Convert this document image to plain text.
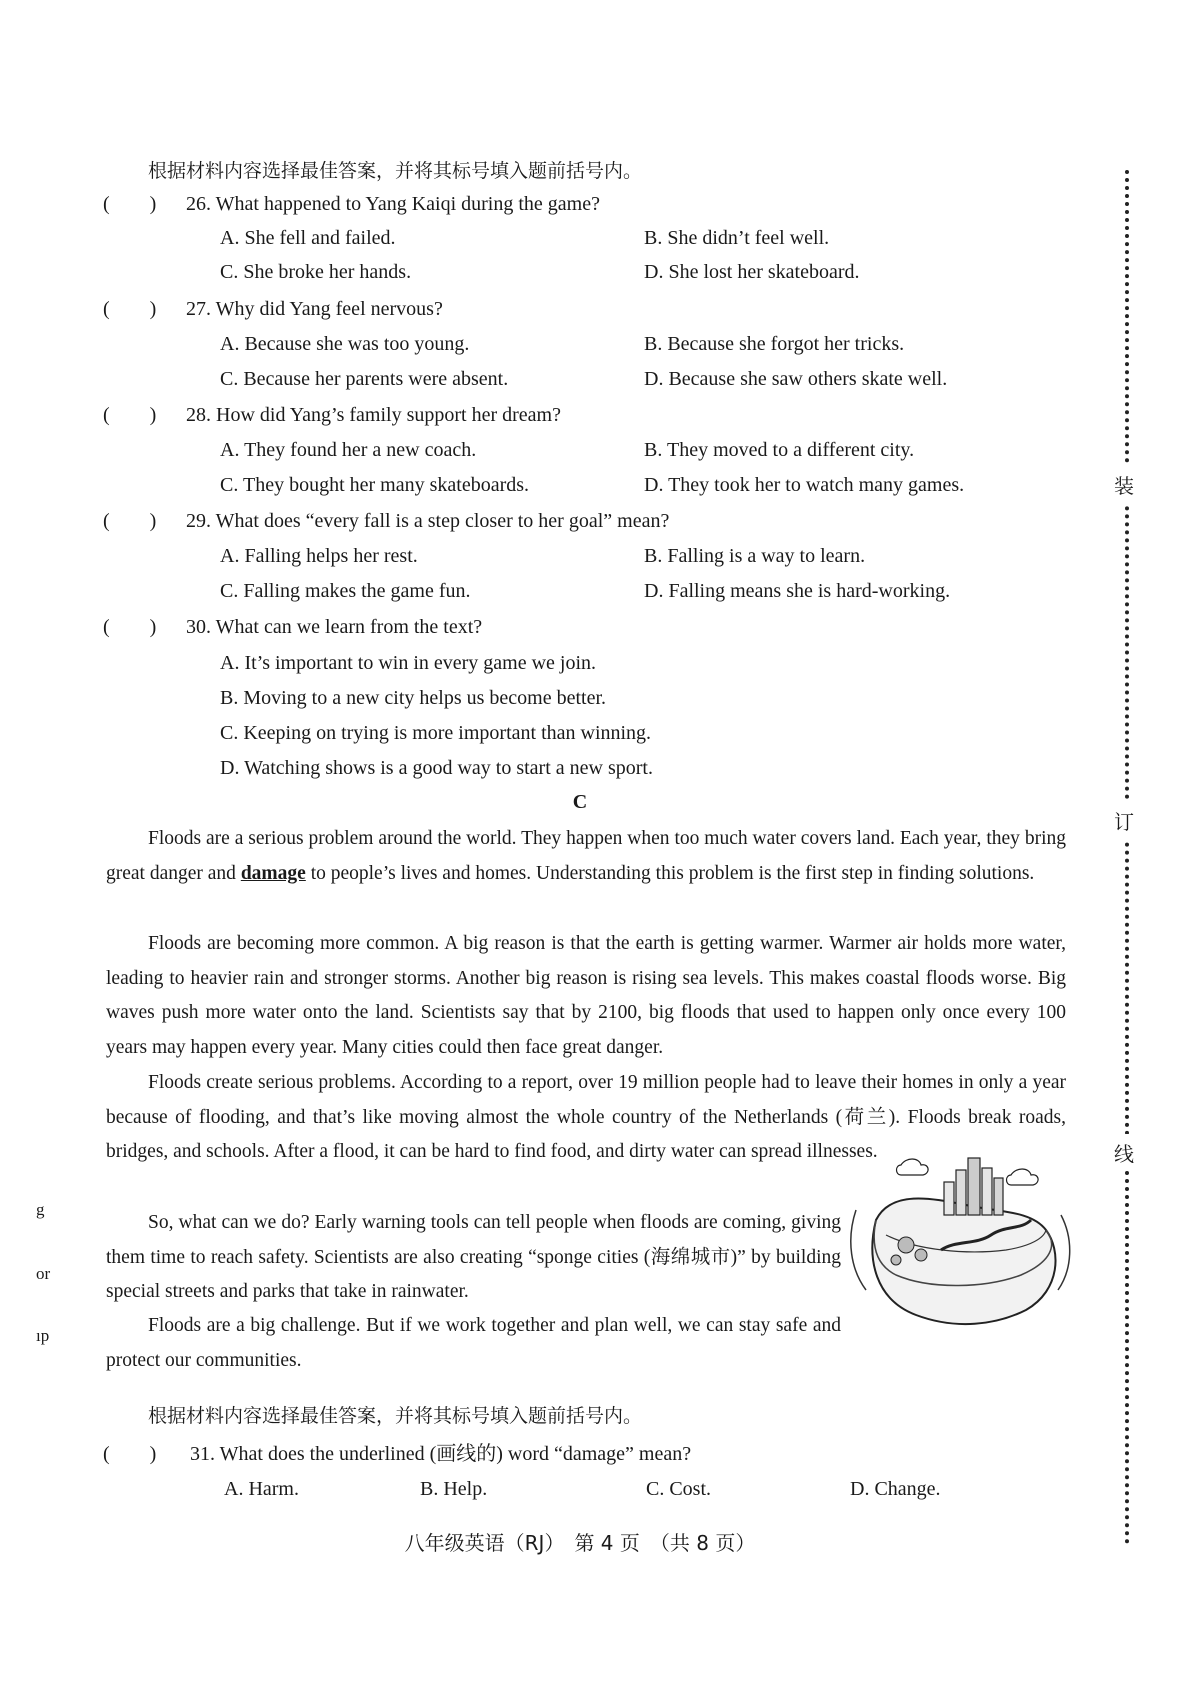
装
订
线
g
or
ıp
根据材料内容选择最佳答案，并将其标号填入题前括号内。
(　　) 26. What happened to Yang Kaiqi during the game?
A. She fell and failed.	B. She didn’t feel well.
C. She broke her hands.	D. She lost her skateboard.
(　　) 27. Why did Yang feel nervous?
A. Because she was too young.	B. Because she forgot her tricks.
C. Because her parents were absent.	D. Because she saw others skate well.
(　　) 28. How did Yang’s family support her dream?
A. They found her a new coach.	B. They moved to a different city.
C. They bought her many skateboards.	D. They took her to watch many games.
(　　) 29. What does “every fall is a step closer to her goal” mean?
A. Falling helps her rest.	B. Falling is a way to learn.
C. Falling makes the game fun.	D. Falling means she is hard-working.
(　　) 30. What can we learn from the text?
A. It’s important to win in every game we join.
B. Moving to a new city helps us become better.
C. Keeping on trying is more important than winning.
D. Watching shows is a good way to start a new sport.
C
Floods are a serious problem around the world. They happen when too much water covers land. Each year, they bring great danger and damage to people’s lives and homes. Understanding this problem is the first step in finding solutions.
Floods are becoming more common. A big reason is that the earth is getting warmer. Warmer air holds more water, leading to heavier rain and stronger storms. Another big reason is rising sea levels. This makes coastal floods worse. Big waves push more water onto the land. Scientists say that by 2100, big floods that used to happen only once every 100 years may happen every year. Many cities could then face great danger.
Floods create serious problems. According to a report, over 19 million people had to leave their homes in only a year because of flooding, and that’s like moving almost the whole country of the Netherlands (荷兰). Floods break roads, bridges, and schools. After a flood, it can be hard to find food, and dirty water can spread illnesses.
So, what can we do? Early warning tools can tell people when floods are coming, giving them time to reach safety. Scientists are also creating “sponge cities (海绵城市)” by building special streets and parks that take in rainwater.
Floods are a big challenge. But if we work together and plan well, we can stay safe and protect our communities.
根据材料内容选择最佳答案，并将其标号填入题前括号内。
(　　) 31. What does the underlined (画线的) word “damage” mean?
A. Harm.	B. Help.	C. Cost.	D. Change.
八年级英语（RJ）　第 4 页　（共 8 页）
